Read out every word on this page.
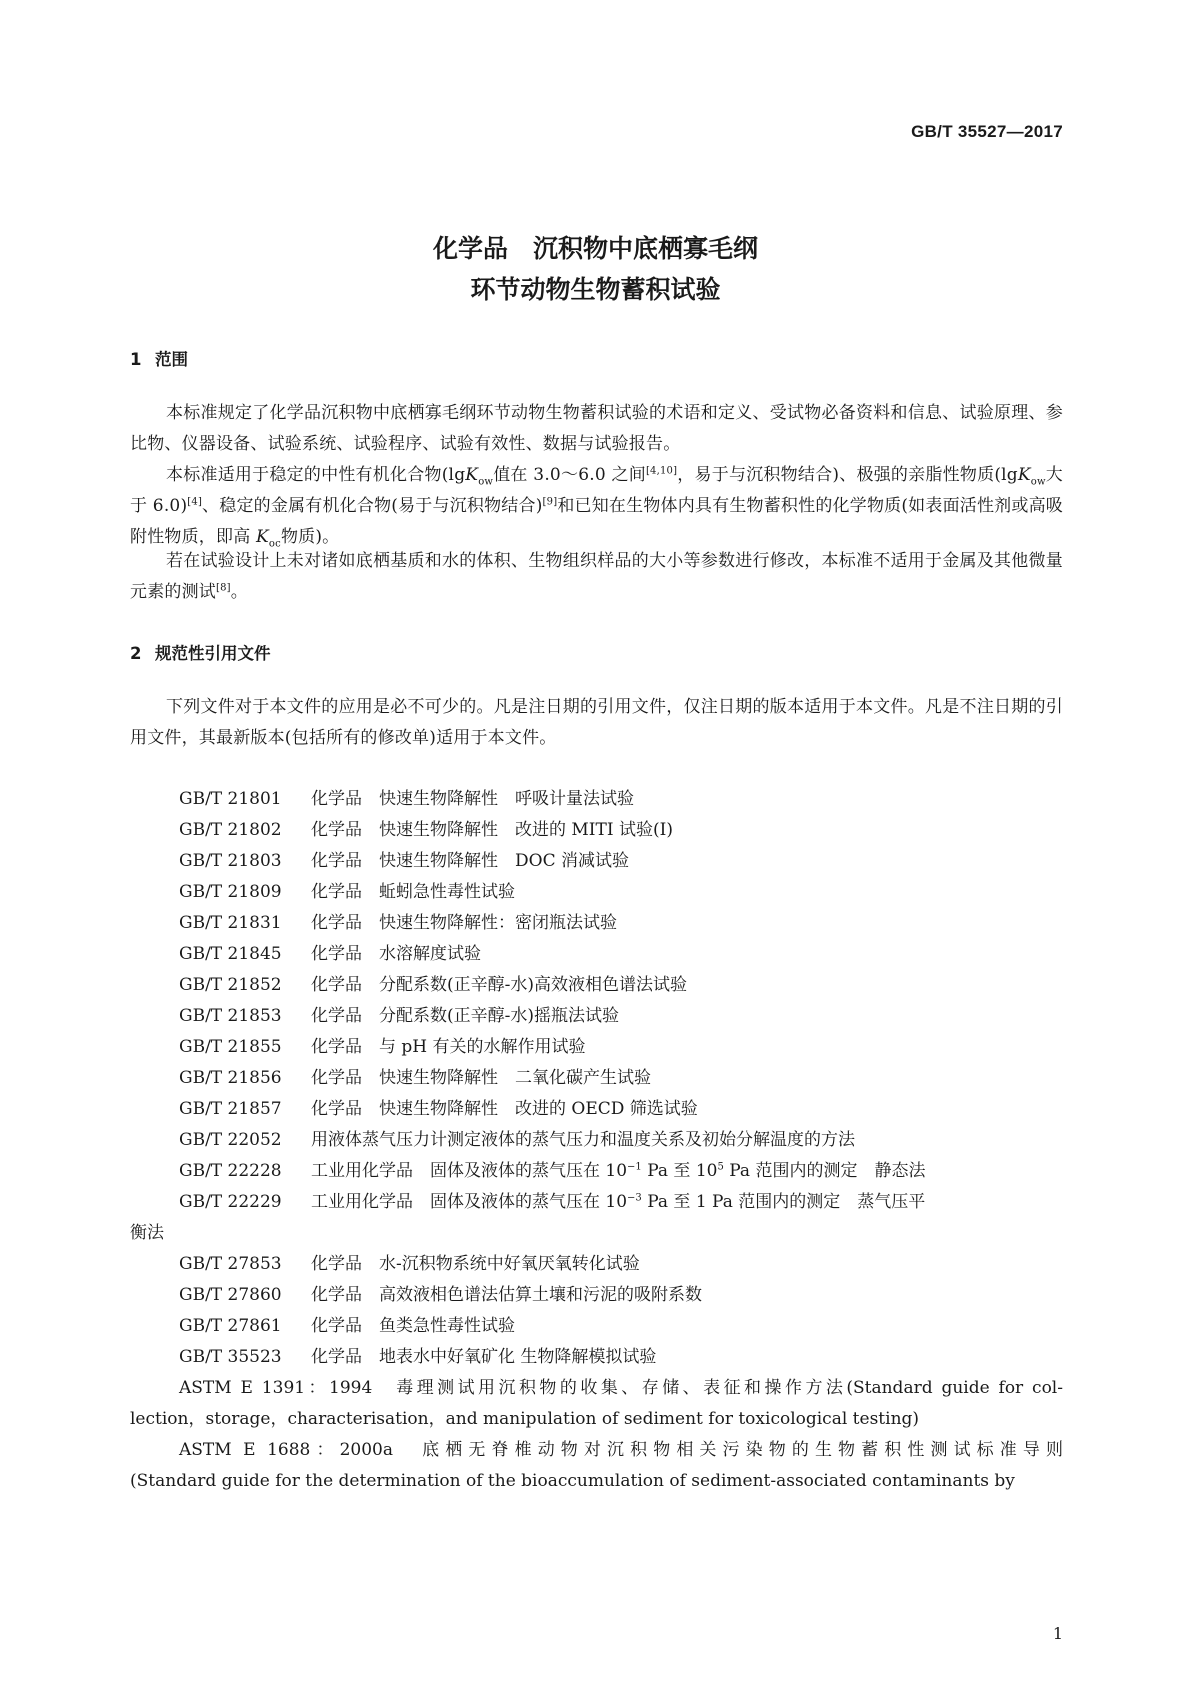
GB/T 35527—2017
化学品　沉积物中底栖寡毛纲
环节动物生物蓄积试验
1 范围
本标准规定了化学品沉积物中底栖寡毛纲环节动物生物蓄积试验的术语和定义、受试物必备资料和信息、试验原理、参比物、仪器设备、试验系统、试验程序、试验有效性、数据与试验报告。
本标准适用于稳定的中性有机化合物(lgK$_{ow}$值在 3.0～6.0 之间[4,10]，易于与沉积物结合)、极强的亲脂性物质(lgK$_{ow}$大于 6.0)[4]、稳定的金属有机化合物(易于与沉积物结合)[9]和已知在生物体内具有生物蓄积性的化学物质(如表面活性剂或高吸附性物质，即高 $K_{oc}$物质)。
若在试验设计上未对诸如底栖基质和水的体积、生物组织样品的大小等参数进行修改，本标准不适用于金属及其他微量元素的测试[8]。
2 规范性引用文件
下列文件对于本文件的应用是必不可少的。凡是注日期的引用文件，仅注日期的版本适用于本文件。凡是不注日期的引用文件，其最新版本(包括所有的修改单)适用于本文件。
GB/T 21801 化学品　快速生物降解性　呼吸计量法试验
GB/T 21802 化学品　快速生物降解性　改进的 MITI 试验(I)
GB/T 21803 化学品　快速生物降解性　DOC 消减试验
GB/T 21809 化学品　蚯蚓急性毒性试验
GB/T 21831 化学品　快速生物降解性：密闭瓶法试验
GB/T 21845 化学品　水溶解度试验
GB/T 21852 化学品　分配系数(正辛醇-水)高效液相色谱法试验
GB/T 21853 化学品　分配系数(正辛醇-水)摇瓶法试验
GB/T 21855 化学品　与 pH 有关的水解作用试验
GB/T 21856 化学品　快速生物降解性　二氧化碳产生试验
GB/T 21857 化学品　快速生物降解性　改进的 OECD 筛选试验
GB/T 22052 用液体蒸气压力计测定液体的蒸气压力和温度关系及初始分解温度的方法
GB/T 22228 工业用化学品　固体及液体的蒸气压在 $10^{-1}$ Pa 至 $10^5$ Pa 范围内的测定　静态法
GB/T 22229 工业用化学品　固体及液体的蒸气压在 $10^{-3}$ Pa 至 1 Pa 范围内的测定　蒸气压平
衡法
GB/T 27853 化学品　水-沉积物系统中好氧厌氧转化试验
GB/T 27860 化学品　高效液相色谱法估算土壤和污泥的吸附系数
GB/T 27861 化学品　鱼类急性毒性试验
GB/T 35523 化学品　地表水中好氧矿化 生物降解模拟试验
ASTM E 1391：1994　毒理测试用沉积物的收集、存储、表征和操作方法(Standard guide for col-
lection，storage，characterisation，and manipulation of sediment for toxicological testing)
ASTM E 1688：2000a　底栖无脊椎动物对沉积物相关污染物的生物蓄积性测试标准导则
(Standard guide for the determination of the bioaccumulation of sediment-associated contaminants by
1
